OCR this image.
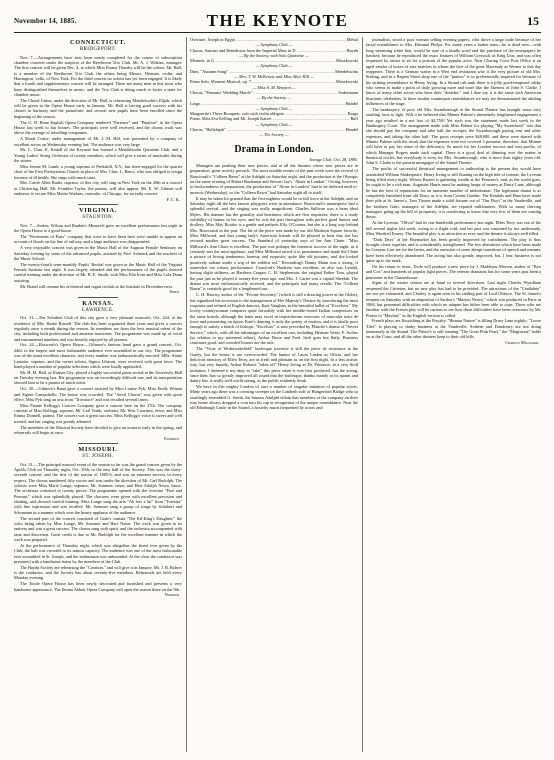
November 14, 1885.	THE KEYNOTE	15
CONNECTICUT.
BRIDGEPORT.

Nov. 7.—Arrangements have now been nearly completed for the course of subscription chamber concerts under the auspices of the Beethoven Trio Club, Mr. A. J. Wilkins, manager. The first concert will be given Dec. 4, at which Miss Emma Thursby will be the soloist. Mr. Hall, is a member of the Beethoven Trio Club, the others being Messrs. Herman, violin, and Harrington, 'cello, of New York. For the third concert no soloist has yet been engaged. It is likely that a fourth and supplementary concert will be arranged. There are many men in this town who have distinguished themselves in music, and the Trio Club is doing much to foster a taste for chamber music.

The Choral Union, under the direction of Mr. Hall, is rehearsing Mendelssohn's Elijah, which will be given in the Opera House early in January. Mr. Hall is having good success with his classes in harmony and the pianoforte, and several new pupils have been enrolled since the beginning of the season.

The G. B. Benn English Opera Company rendered "Patience" and "Pinafore" in the Opera House last week to fair houses. The principals were well received, and the chorus work was above the average of travelling companies.

A Moral Cruise, under management of Mr. J. M. Hill, was presented by a company of excellent actors on Wednesday evening last. The audience was very large.

Mr. C. Chas. E. Kettell of the Keynote has formed a Mendelssohn Quintette Club, and a Young Ladies' String Orchestra of twenty members, which will give a series of musicales during the winter.

Miss Jennie M. Lamb, a young soprano of Peekskill, N.Y., has been engaged for the quartet choir of the First Presbyterian Church in place of Mrs. Chas. L. Beers, who was obliged to resign because of ill health. She sings with much taste.

Mrs. Carrie Allen Rader, soprano, of this city, will sing in New York on the 20th at a concert in Chickering Hall. Mr. Franklin Taylor, the pianist, will also appear. Mr. E. W. Gilman will endeavor to secure Miss Mattie Watkins, contralto, of Chicago, for an early concert.

F. C. K.

VIRGINIA.
STAUNTON.

Nov. 7.—Sutton, Wilson and Rankin's Minstrels gave an excellent performance last night in the Opera House to a good house.

The "Pavements of Paris" company that were to have been here were unable to appear on account of floods on the line of railway, and a large audience was disappointed.

A very enjoyable concert was given in the Music Hall of the Augusta Female Seminary on Saturday evening by some of the advanced pupils, assisted by Prof. Schenck and the teachers of the Music School.

The twenty-fourth semi-monthly Pupils' Recital was given in the Music Hall of the Virginia Female Institute last night. It was largely attended and the performance of the pupils showed careful training under the direction of Mr. B. E. Smith, with Miss Ella Irvin and Miss Lola Dunn assisting.

Mr. Brand will resume his orchestral and organ recitals at the Institute in December next.

Siren.

KANSAS.
LAWRENCE.

Oct. 31.—The Schubert Club of this city gave a very pleasant musicale, Oct. 22d, at the residence of Mrs. Hattie Russell. The club has been organized three years and gives a concert regularly once a month during the season. Its members are from the best musical talent of the city, including both professional and amateur musicians. The programme was made up of vocal and instrumental numbers and was heartily enjoyed by all present.

Oct. 24.—Bosworth's Opera House.—Gilmore's famous band gave a grand concert, Oct. 24th, to the largest and most fashionable audience ever assembled in our city. The programme was of the usual excellent character, and every number was enthusiastically encored. Mlle. Annie Lamotte, soprano, and the cornet soloist, Signor Liberati, were received with great favor. The band played a number of popular selections which were loudly applauded.

Mr. H. M. Hall, of Kansas City, played a highly successful piano recital at the University Hall on Tuesday evening last. His programme was an exceedingly difficult one, and its interpretation showed him to be a pianist of much merit.

Oct. 30.—Gilmore's Band gave a concert assisted by Miss Louise Pyk, Miss Emily Winant and Signor Campobello. The house was crowded. The "Anvil Chorus" was given with great effect. Miss Pyk sang an aria from "Trovatore" and was recalled several times.

Miss Fannie Kellogg's Concert Company gave a concert here on the 27th. The company consists of Miss Kellogg, soprano; Mr. Carl Venth, violinist; Mr. Wm. Courtney, tenor, and Miss Emma Donnell, pianist. The concert was a great success. Miss Kellogg's voice is sweet and well trained, and her singing was greatly admired.

The members of the Musical Society have decided to give an oratorio early in the spring, and rehearsals will begin at once.

Euridice.

MISSOURI.
ST. JOSEPH.

Oct. 31.—The principal musical event of the season so far was the grand concert given by the Apollo Club on Thursday night, Oct. 29th, to the new hall of the Society. This was the thirty-seventh concert, and the first of the season of 1885-6, and was an eminent success in every respect. The chorus numbered fifty voices and was under the direction of Mr. Carl Rudolph. The soloists were Miss Marie Lunge, soprano; Mr. Sommer, tenor, and Herr Adolph Nawn, basso. The orchestra consisted of twenty pieces. The programme opened with the overture "Poet and Peasant," which was splendidly played. The choruses were given with excellent precision and shading, and showed careful training. Miss Lunge sang the aria "Ah fors e lui" from "Traviata" with fine expression and was recalled. Mr. Sommer sang a group of songs by Schubert and Schumann in a manner which won the hearty applause of the audience.

The second part of the concert consisted of Gade's cantata "The Erl-King's Daughter," the solos being taken by Miss Lunge, Mr. Sommer and Herr Nawn. The work was given in its entirety and was a great success. The chorus sang with spirit, and the orchestra accompanied with taste and discretion. Great credit is due to Mr. Rudolph for the excellent manner in which the work was prepared.

At the performance of Thursday night, which was altogether the finest ever given by the Club, the hall was crowded to its utmost capacity. The audience was one of the most fashionable ever assembled in St. Joseph, and the enthusiasm was unbounded. At the close the conductor was presented with a handsome baton by the members of the Club.

The Haydn Society are rehearsing the "Creation," and will give it in January. Mr. J. B. Rohrer is the conductor, and the Society has about seventy-five members. Rehearsals are held every Monday evening.

The Tootle Opera House has been newly decorated and furnished and presents a very handsome appearance. The Emma Abbott Opera Company will open the season there on the 9th.

Norman.

Overture, Joseph in Egypt .....	Mehul
— Symphony Club —
Chorus, Sanctus and Benedictus from the Imperial Mass in D .....	Haydn
— By the Society, with Solo Quartette —
Menuett, in G .....	Moszkowski
— Symphony Club —
Duet, "Autumn Song" .....	Mendelssohn
— Mrs. T. W. McKenzie and Miss Alice Hill —
Piano Solo, Moment Musical, op. 7 .....	Moszkowski
— Miss A. M. Brayton —
Chorus, "Peasants' Wedding March" .....	Sodermann
— By the Society —
Largo .....	Handel
— Symphony Club —
Marguerite's Three Bouquets, solo with violin obligato .....	Braga
Piano, Miss Eva Kelling and Mr. Joseph Kaiser .....	Raff
— Symphony Club —
Chorus, "Hallelujah" .....	Handel
— The Society —
Drama in London.

Savage Club, Oct. 28, 1885.

Managers are pushing their new pieces, and at all the theatres where new pieces are in preparation, great activity prevails. The most notable events of the past week were the revival of Boucicault's "Colleen Bawn" at the Adelphi on Saturday night, and the production at the Olympic on the same evening of Robert Buchanan and Stewart Jay's "Alone in London." Owing, however, to backwardness of preparation, the production of "Alone in London" had to be deferred until to-morrow (Wednesday), so the "Colleen Bawn" had Saturday night all to itself.

It may be taken for granted that the first-nighters would be in full force at the Adelphi, and on Saturday night all the best known playgoers were in attendance. Boucicault's masterpiece had a splendid revival, and the staging was really magnificent. Charles Sullivan was a bean ideal Myles. His manner has the geniality and heartiness which are first requisites; there is a ready volubility of humor in his eyes, and he acts the part throughout with perfect good humor and drollery. Miss May Rourke is a gentle and pathetic Eily O'Connor, but she is a long way behind Mrs. Boucicault in the part. The hit of the piece was made by our old Madison Square favorite, Miss Millward, and that young lady's American friends will be pleased to hear that she has secured another great success. The Standard of yesterday says of her Ann Chute: "Miss Millward's Ann Chute is excellent. The part was perhaps the foremost success of the night, as it certainly was the most applause, and Miss Millward raised it to prominence and made the Chute a picture of loving tenderness, honesty and exquisite, quite like old pictures, and she looked positively radiant under a wig of the reddest red." Rewarding's Danny Mann was a strong, if somewhat too robust, performance. Crawford's Hardress was excellent, as also was Lyndal, having slight stiffness, as Hardress Cregan. C. H. Stephenson, the original Father Tom, played the part just as he played it twenty-five years ago, and Mrs. J. Carter was a capital Sheelah. The drama was most enthusiastically received, and the principals had many recalls. The "Colleen Bawn" is certainly good for a lengthened run.

C. H. Hawtry, author of the "Private Secretary" (which is still a drawing power at the Globe), has signalized his accession to the management of Her Majesty's Theatre by introducing the most exquisite and refined of English dancers, Kate Vaughan, in the beautiful ballet of "Excelsior." My lovely countrywoman compares quite favorably with her nimble-footed Italian competitors on the same boards, although the latter may excel in terpsichorean exercises of muscular tours de force and pirouetting on tiptoe. Kate's dancing is truly the poetry of motion, and it is fatally poor enough to satisfy a bench of bishops. "Excelsior" is now preceded by Planche's drama of "Secret Service," which, with all the advantages of an excellent cast, including Herman Vezin, F. Archer (so relation to my esteemed editor), Arthur Dacre and Fred. Irish goes but flatly. Business continues good, and crowded houses are the rule.

The "Vicar of Wideawakefield" burlesque travestie is still the piece de resistance at the Gaiety, but the house is not overcrowded. The humor of Laura Linden as Olivia, and her delicious mimicry of Ellen Terry, are as fresh and pleasant as on the first night. In a less artistic way, but very funnily, Arthur Roberts "takes off" Henry Irving as Dr. Primrose, in a very droll imitation. I deemed it my duty to "take" this piece when it was first produced, but the acting, since then, has so greatly improved all round that the burlesque, thanks mainly to its quaint and dainty fun, is really well worth seeing, as the public evidently think.

We have in this mighty London of ours a number of singular imitators of popular actors. Many years ago there was a crossing sweeper on the Lambeth side of Hungerford Bridge who so startlingly resembled G. Smith, the famous Adelphi villain that members of the company on their way home always dropped a coin into his cap in recognition of the unique resemblance. Near the old Edinburgh Castle in the Strand, a hostelry much frequented by actors and

journalists, stood a poor woman selling evening papers, who drove a large trade because of her facial resemblance to Mrs. Edmund Phelps. For many years a barber man—he is dead now—with long streaming white hair, would be sure of a kindly word and the purchase of the newspapers he hawked, because he reproduced the exact features of William Creswick as King Lear, and was often requested by artists to sit for a portrait of the popular actor. Near Charing Cross Post Office is an aged vendor of boxes of wax matches in whom the face of the great Macready as Werner to this day reappears. There is a German waiter in a West end restaurant who is the very picture of old Mrs. Stirling, and in a Regent Street shop one of the "juniors" is so preferentially inquired for because of his striking resemblance to Henry Irving. In a Strand cab rank there is a jolly good-tempered cabby who seems to make a point of daily growing more and more like the likeness of John S. Clarke. I know of many other actors who have their "doubles," and I dare say it is the same with American histrionic celebrities. Is there similar counterpart resemblances we may see demonstrated the abiding influences of the stage.

The bankruptcy of poor old Mrs. Swanborough at the Strand Theatre has brought some very startling facts to light. Will it be believed that Minnie Palmer's immensely lengthened engagement a year ago resulted in a net loss of $2,750? Yet such was the statement made last week in the Bankruptcy Court. The arrangement made with Miss Palmer for playing "My Sweetheart" was that she should pay the company and take half the receipts; the Swanborough paying rent and other expenses, and taking the other half. The gross receipts were $48,000, and these were shared with Minnie Palmer with the result that the expenses were not covered. I presume, therefore, that Minnie will have to pay her share of the deficiency. So much for her London success and vast profits, of which Manager Rogers made such capital. There is a good deal of thinning over the matter in theatrical circles, but everybody is sorry for Mrs. Swanborough, who is more than eighty years old. John S. Clarke is the present mortgagee of the Strand Theatre.

The profits of successful theatrical management or authorship is the present day would have astonished William Shakespeare. Henry Irving is still floating on the high tide of fortune, the Lyceum being filled every night. Wilson Barrett is gathering wealth at the Princess's, and, as the world goes, he ought to be a rich man. Augustus Harris must be making heaps of money at Drury Lane, although he has the best of reputations for an immense number of melodramas. The legitimate drama is as completely banished from old Drury as it is from Covent Garden. The Kendals and Hare have made their pile at St. James's, Tom Thorne made a solid fortune out of "Our Boys" at the Vaudeville, and the brothers Gatti, managers of the Adelphi, are reputed millionaires. With so many thriving managers going up the hill of prosperity, it is comforting to know that very few of them are coming down.

At the Lyceum, "Olivia" had its one hundredth performance last night. Ellen Terry was out of the bill several nights last week, owing to a slight cold, and her part was sustained by her understudy, Miss Winifred Emery. The beautiful play is as attractive as ever, and the theatre is always well filled.

"Dark Days" at the Haymarket has been greatly improved by curtailment. The play is thus brought closer together, and is considerably strengthened. The few alterations which have been made by Comyns Carr are for the better, and the omission of some abrupt transitions of speech and manner, have been effectively abandoned. The acting has also greatly improved, but, I fear, business is not quite up to the mark.

On his return to town, Toole will produce a new piece by J. Maddison Morton, author of "Box and Cox" and hundreds of popular light pieces. The veteran dramatist has for some years past been a pensioner in the Charterhouse.

Signs of the winter season are at hand in several directions. Last night Charles Wyndham reopened the Criterion, but no new play has had to be provided. The attractions of the "Candidate" are not yet exhausted, and Charley is again seen in his rattling part of Lord Oldacre. The St. James's reopens on Saturday with an adaptation of Sardou's "Maison Neuve," which was produced in Paris in 1866, but presented difficulties with which no adapter has hither been able to cope. Those who are familiar with the French play will be curious to see how these difficulties have been overcome by Mr. Pinero in "Mayfair," as the English version is called.

French plays are flourishing at the Royalty. "Human Nature" is filling Drury Lane nightly; "Loose Tiles" is playing to shaky business at the Vaudeville. Sothern and Dundreary are not doing immensely at the Strand. The Prince's is still running "The Great Pink Pearl," the "Magistrate" holds on at the Court, and all the other theatres keep to their old bills.

Charles Millward.
